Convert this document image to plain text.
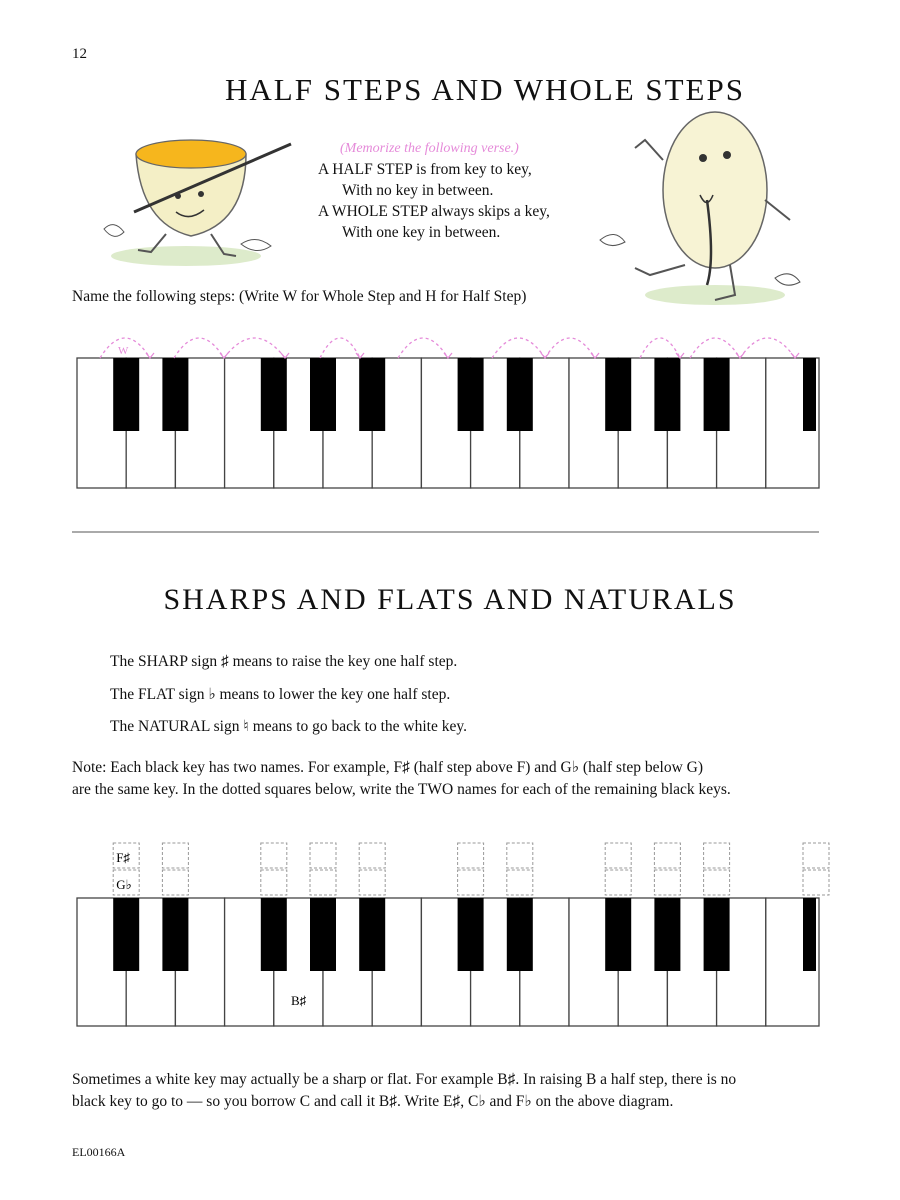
12
HALF STEPS AND WHOLE STEPS
(Memorize the following verse.)
A HALF STEP is from key to key,
With no key in between.
A WHOLE STEP always skips a key,
With one key in between.
Name the following steps: (Write W for Whole Step and H for Half Step)
W
SHARPS AND FLATS AND NATURALS
The SHARP sign ♯ means to raise the key one half step.
The FLAT sign ♭ means to lower the key one half step.
The NATURAL sign ♮ means to go back to the white key.
Note: Each black key has two names. For example, F♯ (half step above F) and G♭ (half step below G)
are the same key. In the dotted squares below, write the TWO names for each of the remaining black keys.
F♯
G♭
B♯
Sometimes a white key may actually be a sharp or flat. For example B♯. In raising B a half step, there is no
black key to go to — so you borrow C and call it B♯. Write E♯, C♭ and F♭ on the above diagram.
EL00166A
